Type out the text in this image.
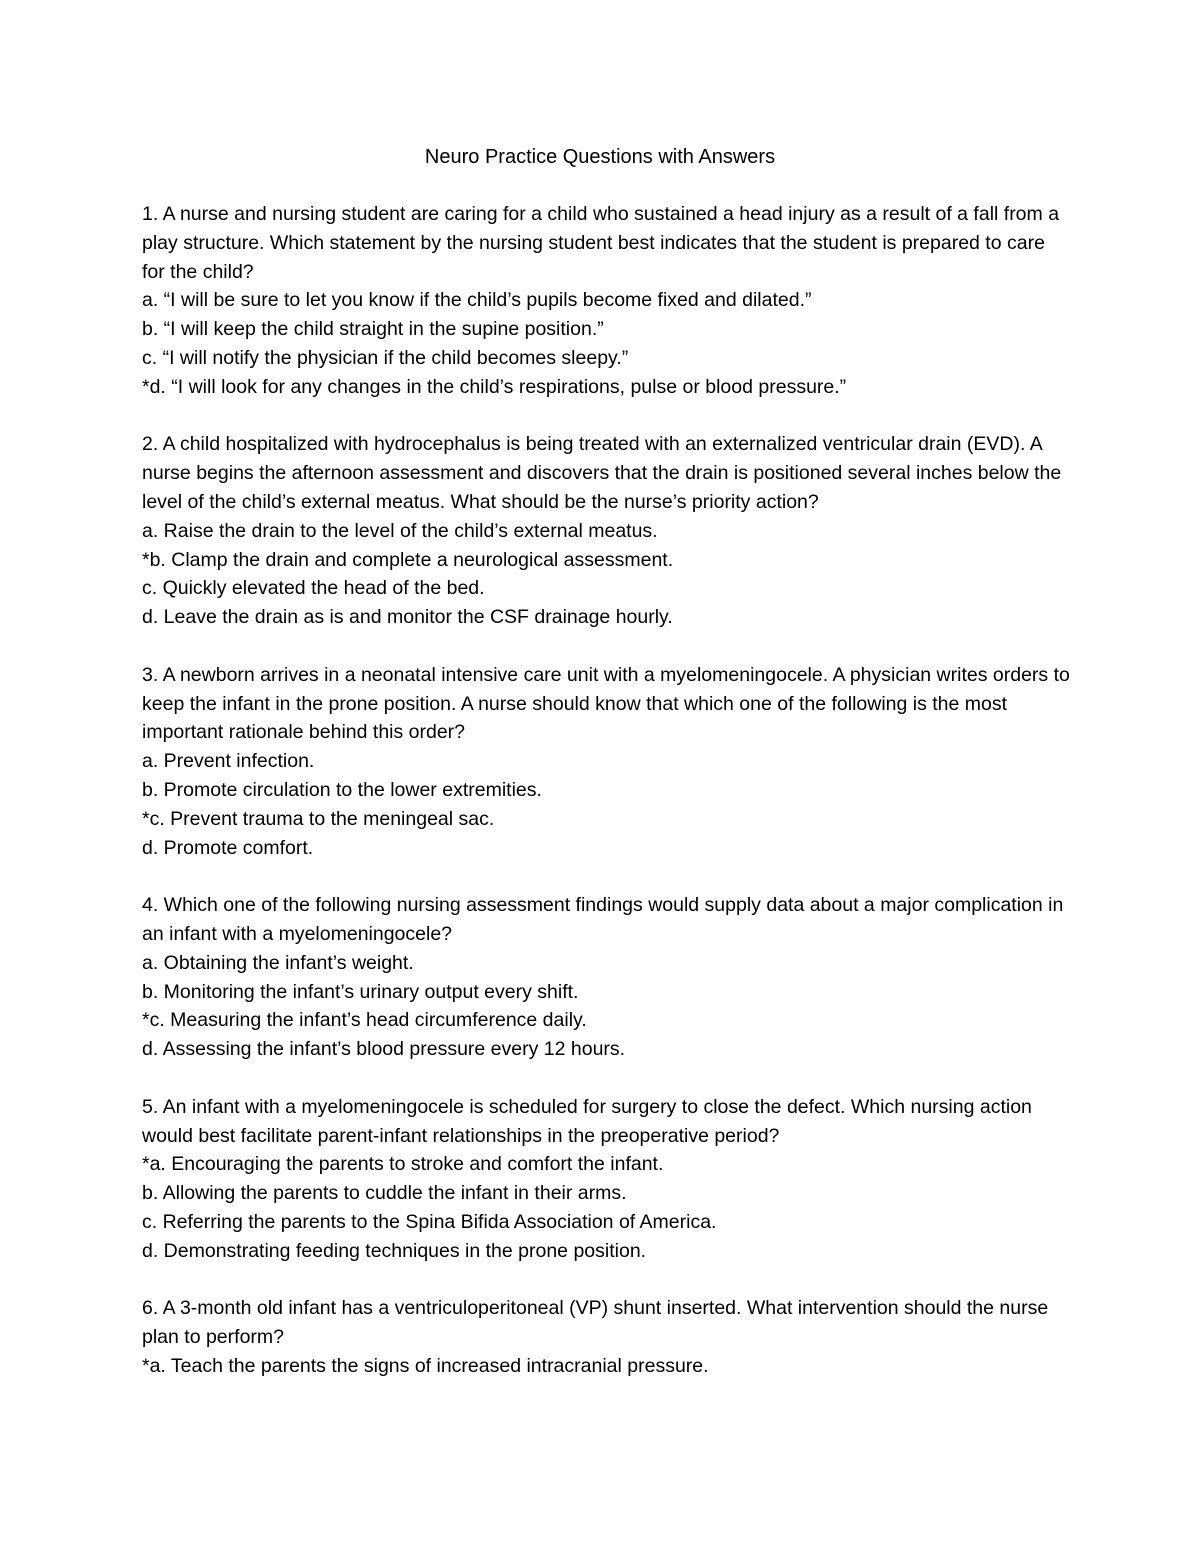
Neuro Practice Questions with Answers

1. A nurse and nursing student are caring for a child who sustained a head injury as a result of a fall from a play structure. Which statement by the nursing student best indicates that the student is prepared to care for the child?

a. “I will be sure to let you know if the child’s pupils become fixed and dilated.”

b. “I will keep the child straight in the supine position.”

c. “I will notify the physician if the child becomes sleepy.”

*d. “I will look for any changes in the child’s respirations, pulse or blood pressure.”

2. A child hospitalized with hydrocephalus is being treated with an externalized ventricular drain (EVD). A nurse begins the afternoon assessment and discovers that the drain is positioned several inches below the level of the child’s external meatus. What should be the nurse’s priority action?

a. Raise the drain to the level of the child’s external meatus.

*b. Clamp the drain and complete a neurological assessment.

c. Quickly elevated the head of the bed.

d. Leave the drain as is and monitor the CSF drainage hourly.

3. A newborn arrives in a neonatal intensive care unit with a myelomeningocele. A physician writes orders to keep the infant in the prone position. A nurse should know that which one of the following is the most important rationale behind this order?

a. Prevent infection.

b. Promote circulation to the lower extremities.

*c. Prevent trauma to the meningeal sac.

d. Promote comfort.

4. Which one of the following nursing assessment findings would supply data about a major complication in an infant with a myelomeningocele?

a. Obtaining the infant’s weight.

b. Monitoring the infant’s urinary output every shift.

*c. Measuring the infant’s head circumference daily.

d. Assessing the infant’s blood pressure every 12 hours.

5. An infant with a myelomeningocele is scheduled for surgery to close the defect. Which nursing action would best facilitate parent-infant relationships in the preoperative period?

*a. Encouraging the parents to stroke and comfort the infant.

b. Allowing the parents to cuddle the infant in their arms.

c. Referring the parents to the Spina Bifida Association of America.

d. Demonstrating feeding techniques in the prone position.

6. A 3-month old infant has a ventriculoperitoneal (VP) shunt inserted. What intervention should the nurse plan to perform?

*a. Teach the parents the signs of increased intracranial pressure.
